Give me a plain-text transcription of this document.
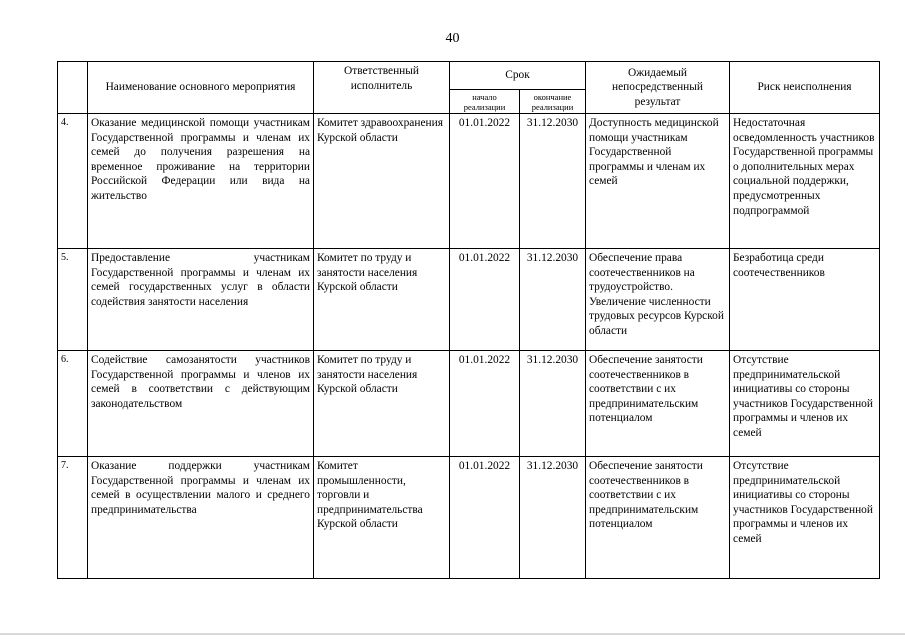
40
	Наименование основного мероприятия	Ответственный исполнитель	Срок		Ожидаемый непосредственный результат	Риск неисполнения
			начало реализации	окончание реализации		
4.	Оказание медицинской помощи участникам Государственной программы и членам их семей до получения разрешения на временное проживание на территории Российской Федерации или вида на жительство	Комитет здравоохранения Курской области	01.01.2022	31.12.2030	Доступность медицинской помощи участникам Государственной программы и членам их семей	Недостаточная осведомленность участников Государственной программы о дополнительных мерах социальной поддержки, предусмотренных подпрограммой
5.	Предоставление участникам Государственной программы и членам их семей государственных услуг в области содействия занятости населения	Комитет по труду и занятости населения Курской области	01.01.2022	31.12.2030	Обеспечение права соотечественников на трудоустройство. Увеличение численности трудовых ресурсов Курской области	Безработица среди соотечественников
6.	Содействие самозанятости участников Государственной программы и членов их семей в соответствии с действующим законодательством	Комитет по труду и занятости населения Курской области	01.01.2022	31.12.2030	Обеспечение занятости соотечественников в соответствии с их предпринимательским потенциалом	Отсутствие предпринимательской инициативы со стороны участников Государственной программы и членов их семей
7.	Оказание поддержки участникам Государственной программы и членам их семей в осуществлении малого и среднего предпринимательства	Комитет промышленности, торговли и предпринимательства Курской области	01.01.2022	31.12.2030	Обеспечение занятости соотечественников в соответствии с их предпринимательским потенциалом	Отсутствие предпринимательской инициативы со стороны участников Государственной программы и членов их семей
